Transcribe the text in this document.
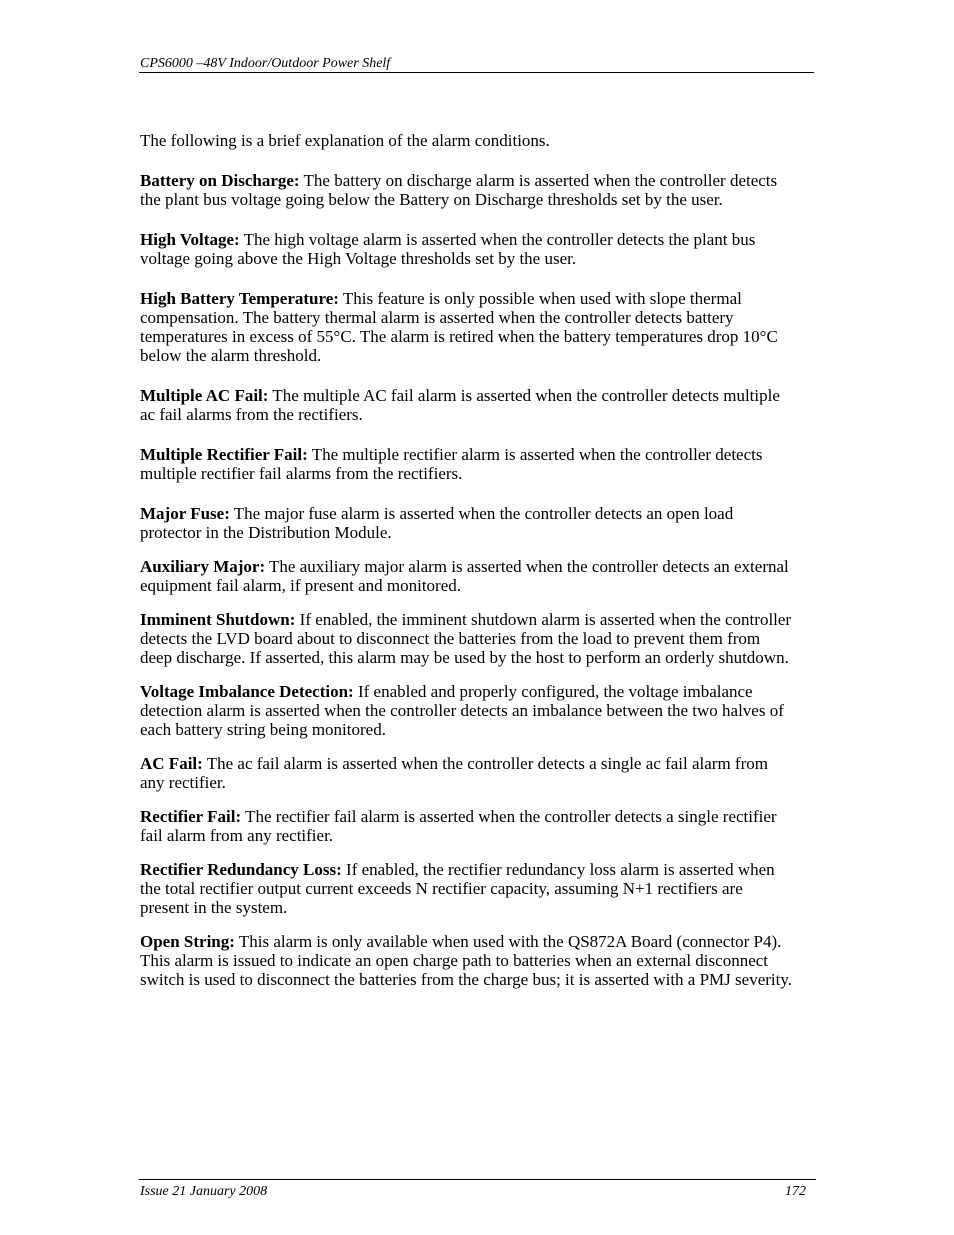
CPS6000 –48V Indoor/Outdoor Power Shelf

The following is a brief explanation of the alarm conditions.

Battery on Discharge: The battery on discharge alarm is asserted when the controller detects the plant bus voltage going below the Battery on Discharge thresholds set by the user.

High Voltage: The high voltage alarm is asserted when the controller detects the plant bus voltage going above the High Voltage thresholds set by the user.

High Battery Temperature: This feature is only possible when used with slope thermal compensation. The battery thermal alarm is asserted when the controller detects battery temperatures in excess of 55°C. The alarm is retired when the battery temperatures drop 10°C below the alarm threshold.

Multiple AC Fail: The multiple AC fail alarm is asserted when the controller detects multiple ac fail alarms from the rectifiers.

Multiple Rectifier Fail: The multiple rectifier alarm is asserted when the controller detects multiple rectifier fail alarms from the rectifiers.

Major Fuse: The major fuse alarm is asserted when the controller detects an open load protector in the Distribution Module.

Auxiliary Major: The auxiliary major alarm is asserted when the controller detects an external equipment fail alarm, if present and monitored.

Imminent Shutdown: If enabled, the imminent shutdown alarm is asserted when the controller detects the LVD board about to disconnect the batteries from the load to prevent them from deep discharge. If asserted, this alarm may be used by the host to perform an orderly shutdown.

Voltage Imbalance Detection: If enabled and properly configured, the voltage imbalance detection alarm is asserted when the controller detects an imbalance between the two halves of each battery string being monitored.

AC Fail: The ac fail alarm is asserted when the controller detects a single ac fail alarm from any rectifier.

Rectifier Fail: The rectifier fail alarm is asserted when the controller detects a single rectifier fail alarm from any rectifier.

Rectifier Redundancy Loss: If enabled, the rectifier redundancy loss alarm is asserted when the total rectifier output current exceeds N rectifier capacity, assuming N+1 rectifiers are present in the system.

Open String: This alarm is only available when used with the QS872A Board (connector P4). This alarm is issued to indicate an open charge path to batteries when an external disconnect switch is used to disconnect the batteries from the charge bus; it is asserted with a PMJ severity.

Issue 21 January 2008	172
